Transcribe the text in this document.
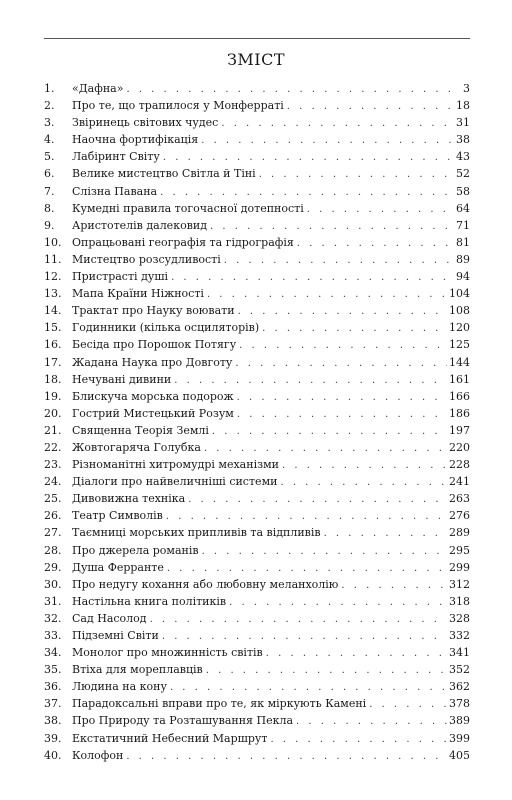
ЗМІСТ
1.	«Дафна» . . .	3
2.	Про те, що трапилося у Монферраті . . .	18
3.	Звіринець світових чудес . . .	31
4.	Наочна фортифікація . . .	38
5.	Лабіринт Світу . . .	43
6.	Велике мистецтво Світла й Тіні . . .	52
7.	Слізна Павана . . .	58
8.	Кумедні правила тогочасної дотепності . . .	64
9.	Аристотелів далековид . . .	71
10. Опрацьовані географія та гідрографія . . .	81
11. Мистецтво розсудливості . . .	89
12. Пристрасті душі . . .	94
13. Мапа Країни Ніжності . . .	104
14. Трактат про Науку воювати . . .	108
15. Годинники (кілька осциляторів) . . .	120
16. Бесіда про Порошок Потягу . . .	125
17. Жадана Наука про Довготу . . .	144
18. Нечувані дивини . . .	161
19. Блискуча морська подорож . . .	166
20. Гострий Мистецький Розум . . .	186
21. Священна Теорія Землі . . .	197
22. Жовтогаряча Голубка . . .	220
23. Різноманітні хитромудрі механізми . . .	228
24. Діалоги про найвеличніші системи . . .	241
25. Дивовижна техніка . . .	263
26. Театр Символів . . .	276
27. Таємниці морських припливів та відпливів . . .	289
28. Про джерела романів . . .	295
29. Душа Ферранте . . .	299
30. Про недугу кохання або любовну меланхолію . . .	312
31. Настільна книга політиків . . .	318
32. Сад Насолод . . .	328
33. Підземні Світи . . .	332
34. Монолог про множинність світів . . .	341
35. Втіха для мореплавців . . .	352
36. Людина на кону . . .	362
37. Парадоксальні вправи про те, як міркують Камені . . .	378
38. Про Природу та Розташування Пекла . . .	389
39. Екстатичний Небесний Маршрут . . .	399
40. Колофон . . .	405
